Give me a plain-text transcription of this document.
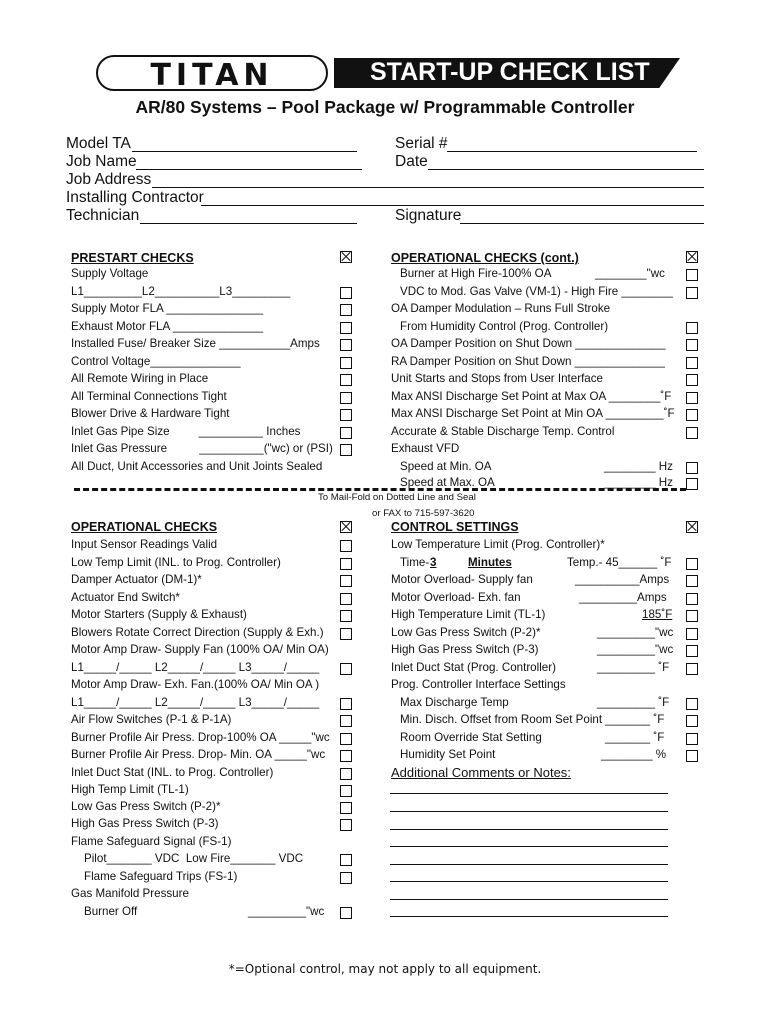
TITAN	START-UP CHECK LIST
AR/80 Systems – Pool Package w/ Programmable Controller
Model TA	Serial #
Job Name	Date
Job Address
Installing Contractor
Technician	Signature
PRESTART CHECKS
Supply Voltage
L1_________L2__________L3_________
Supply Motor FLA _______________
Exhaust Motor FLA ______________
Installed Fuse/ Breaker Size ___________Amps
Control Voltage______________
All Remote Wiring in Place
All Terminal Connections Tight
Blower Drive & Hardware Tight
Inlet Gas Pipe Size         __________ Inches
Inlet Gas Pressure          __________("wc) or (PSI)
All Duct, Unit Accessories and Unit Joints Sealed
OPERATIONAL CHECKS (cont.)
Burner at High Fire-100% OA	________"wc
VDC to Mod. Gas Valve (VM-1) - High Fire ________
OA Damper Modulation – Runs Full Stroke
From Humidity Control (Prog. Controller)
OA Damper Position on Shut Down ______________
RA Damper Position on Shut Down ______________
Unit Starts and Stops from User Interface
Max ANSI Discharge Set Point at Max OA ________˚F
Max ANSI Discharge Set Point at Min OA _________˚F
Accurate & Stable Discharge Temp. Control
Exhaust VFD
Speed at Min. OA	________ Hz
Speed at Max. OA	________ Hz
To Mail-Fold on Dotted Line and Seal
or FAX to 715-597-3620
OPERATIONAL CHECKS
Input Sensor Readings Valid
Low Temp Limit (INL. to Prog. Controller)
Damper Actuator (DM-1)*
Actuator End Switch*
Motor Starters (Supply & Exhaust)
Blowers Rotate Correct Direction (Supply & Exh.)
Motor Amp Draw- Supply Fan (100% OA/ Min OA)
L1_____/_____ L2_____/_____ L3_____/_____
Motor Amp Draw- Exh. Fan.(100% OA/ Min OA )
L1_____/_____ L2_____/_____ L3_____/_____
Air Flow Switches (P-1 & P-1A)
Burner Profile Air Press. Drop-100% OA _____"wc
Burner Profile Air Press. Drop- Min. OA _____"wc
Inlet Duct Stat (INL. to Prog. Controller)
High Temp Limit (TL-1)
Low Gas Press Switch (P-2)*
High Gas Press Switch (P-3)
Flame Safeguard Signal (FS-1)
Pilot_______ VDC  Low Fire_______ VDC
Flame Safeguard Trips (FS-1)
Gas Manifold Pressure
Burner Off	_________"wc
CONTROL SETTINGS
Low Temperature Limit (Prog. Controller)*
Time- 3	Minutes	Temp.- 45______ ˚F
Motor Overload- Supply fan	__________Amps
Motor Overload- Exh. fan	_________Amps
High Temperature Limit (TL-1)	185˚F
Low Gas Press Switch (P-2)*	_________"wc
High Gas Press Switch (P-3)	_________"wc
Inlet Duct Stat (Prog. Controller)	_________ ˚F
Prog. Controller Interface Settings
Max Discharge Temp	_________ ˚F
Min. Disch. Offset from Room Set Point _______ ˚F
Room Override Stat Setting	_______ ˚F
Humidity Set Point	________ %
Additional Comments or Notes:
*=Optional control, may not apply to all equipment.
